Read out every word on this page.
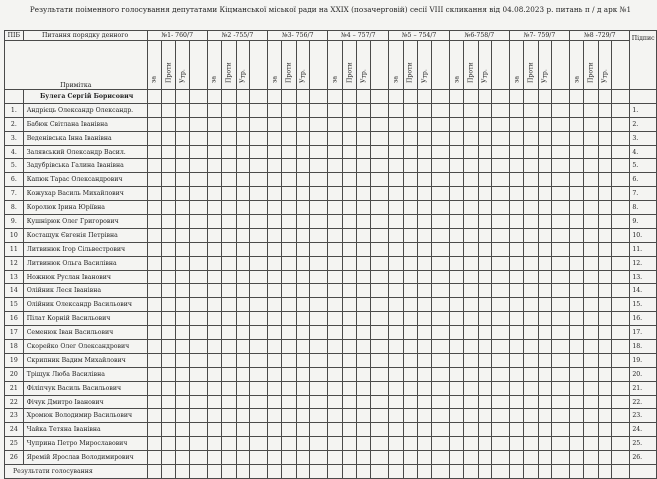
Результати поіменного голосування депутатами Кіцманської міської ради на XXIX (позачерговій) сесії VIII скликання від 04.08.2023 р. питань п / д арк №1
ПІБ	Питання порядку денного	№1- 760/7				№2 -755/7				№3- 756/7				№4 – 757/7				№5 – 754/7				№6-758/7				№7- 759/7				№8 -729/7				Підпис
Примітка		за	Проти	Утр.		за	Проти	Утр.		за	Проти	Утр.		за	Проти	Утр.		за	Проти	Утр.		за	Проти	Утр.		за	Проти	Утр.		за	Проти	Утр.		

	Булега Сергій Борисович																																	
1.	Андрієць Олександр Олександр.																																	1.
2.	Бабюк Світлана Іванівна																																	2.
3.	Веденівська Інна Іванівна																																	3.
4.	Залявський Олександр Васил.																																	4.
5.	Задубрівська Галина Іванівна																																	5.
6.	Капюк Тарас Олександрович																																	6.
7.	Кожухар Василь Михайлович																																	7.
8.	Королюк Ірина Юріївна																																	8.
9.	Кушнірюк Олег Григорович																																	9.
10	Костащук Євгенія Петрівна																																	10.
11	Литвинюк Ігор Сільвестрович																																	11.
12	Литвинюк Ольга Василівна																																	12.
13	Ножнюк Руслан Іванович																																	13.
14	Олійник Леся Іванівна																																	14.
15	Олійник Олександр Васильович																																	15.
16	Пілат Корній Васильович																																	16.
17	Семенюк Іван Васильович																																	17.
18	Скорейко Олег Олександрович																																	18.
19	Скрипник Вадим Михайлович																																	19.
20	Тріщук Люба Василівна																																	20.
21	Філіпчук Василь Васильович																																	21.
22	Фічук Дмитро Іванович																																	22.
23	Хромюк Володимир Васильович																																	23.
24	Чайка Тетяна Іванівна																																	24.
25	Чуприна Петро Мирославович																																	25.
26	Яремій Ярослав Володимирович																																	26.
Результати голосування																																		
